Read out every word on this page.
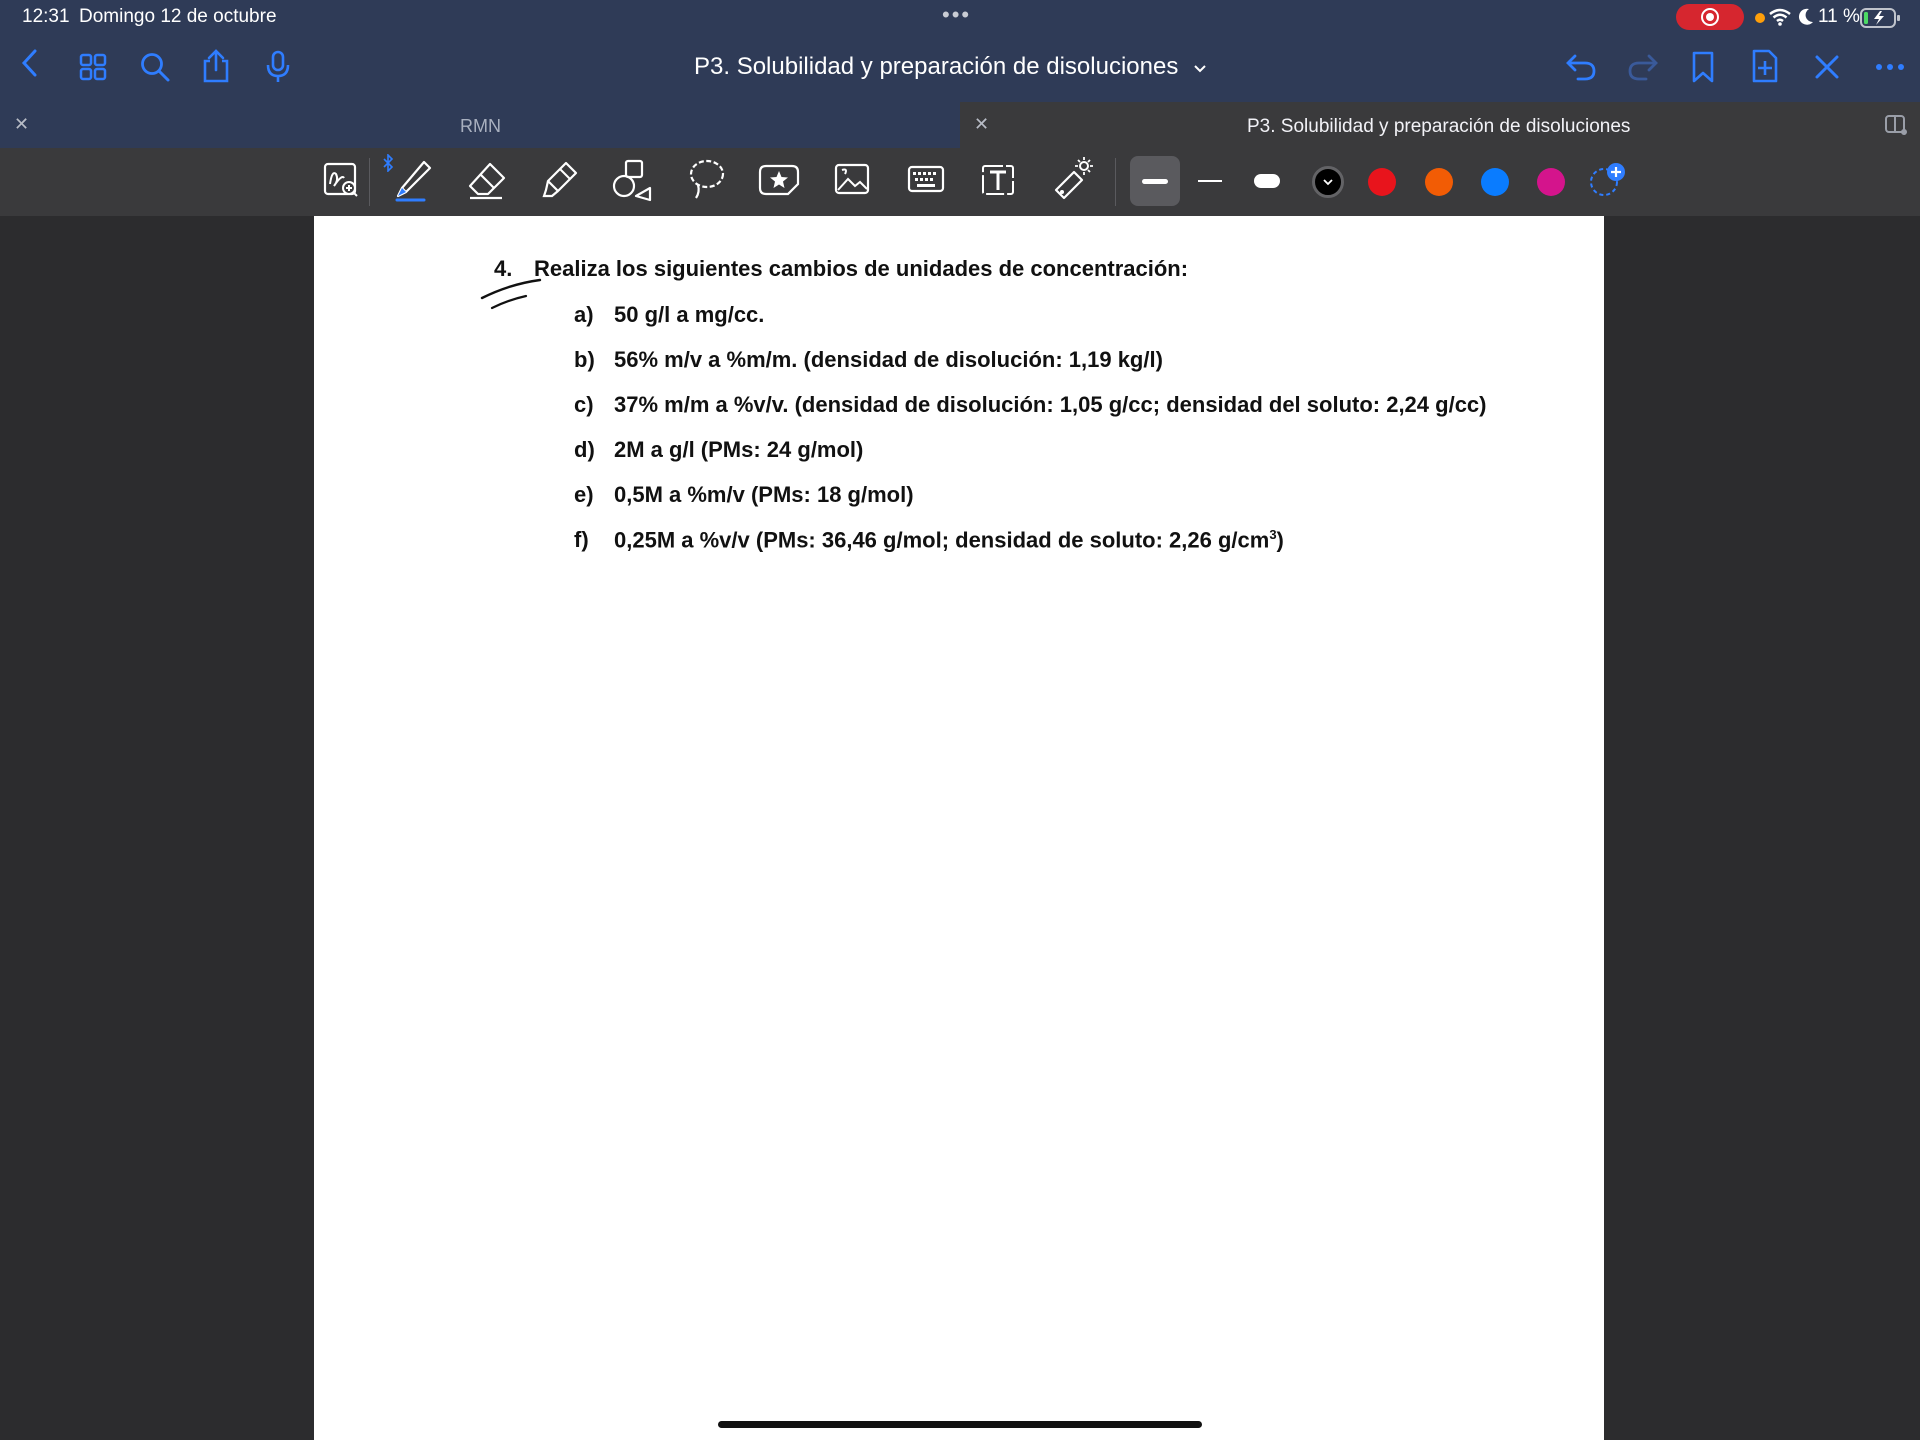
12:31 Domingo 12 de octubre	•••	11 %
P3. Solubilidad y preparación de disoluciones
✕	RMN	✕	P3. Solubilidad y preparación de disoluciones
4. Realiza los siguientes cambios de unidades de concentración:
a) 50 g/l a mg/cc.
b) 56% m/v a %m/m. (densidad de disolución: 1,19 kg/l)
c) 37% m/m a %v/v. (densidad de disolución: 1,05 g/cc; densidad del soluto: 2,24 g/cc)
d) 2M a g/l (PMs: 24 g/mol)
e) 0,5M a %m/v (PMs: 18 g/mol)
f) 0,25M a %v/v (PMs: 36,46 g/mol; densidad de soluto: 2,26 $g/cm^3$)
